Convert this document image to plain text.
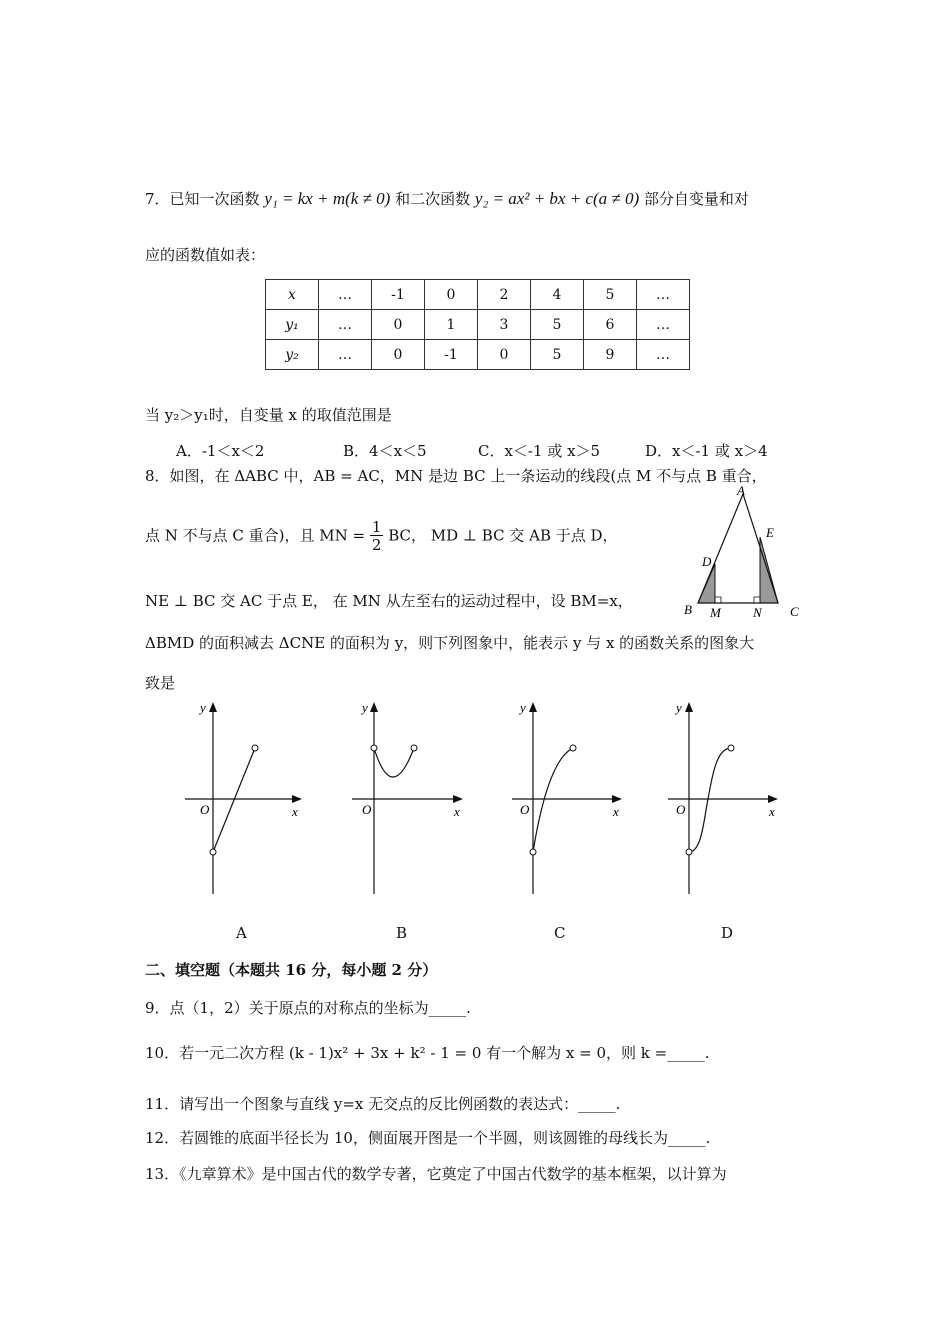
7．已知一次函数 y₁ = kx + m(k ≠ 0) 和二次函数 y₂ = ax² + bx + c(a ≠ 0) 部分自变量和对
应的函数值如表：
x	…	-1	0	2	4	5	…
y₁	…	0	1	3	5	6	…
y₂	…	0	-1	0	5	9	…
当 y₂＞y₁时，自变量 x 的取值范围是
A．-1＜x＜2	B．4＜x＜5	C．x＜-1 或 x＞5	D．x＜-1 或 x＞4
8．如图，在 ΔABC 中，AB = AC，MN 是边 BC 上一条运动的线段(点 M 不与点 B 重合，
点 N 不与点 C 重合)，且 MN = $\frac{1}{2}$ BC， MD ⊥ BC 交 AB 于点 D，
NE ⊥ BC 交 AC 于点 E， 在 MN 从左至右的运动过程中，设 BM=x，
ΔBMD 的面积减去 ΔCNE 的面积为 y，则下列图象中，能表示 y 与 x 的函数关系的图象大
致是
A
B	C
D
E
M N
y
x
O
A
y
x
O
B
y
x
O
C
y
x
O
D
二、填空题（本题共 16 分，每小题 2 分）
9．点（1，2）关于原点的对称点的坐标为_____.
10．若一元二次方程 (k - 1)x² + 3x + k² - 1 = 0 有一个解为 x = 0，则 k =_____.
11．请写出一个图象与直线 y=x 无交点的反比例函数的表达式：_____.
12．若圆锥的底面半径长为 10，侧面展开图是一个半圆，则该圆锥的母线长为_____.
13．《九章算术》是中国古代的数学专著，它奠定了中国古代数学的基本框架，以计算为
